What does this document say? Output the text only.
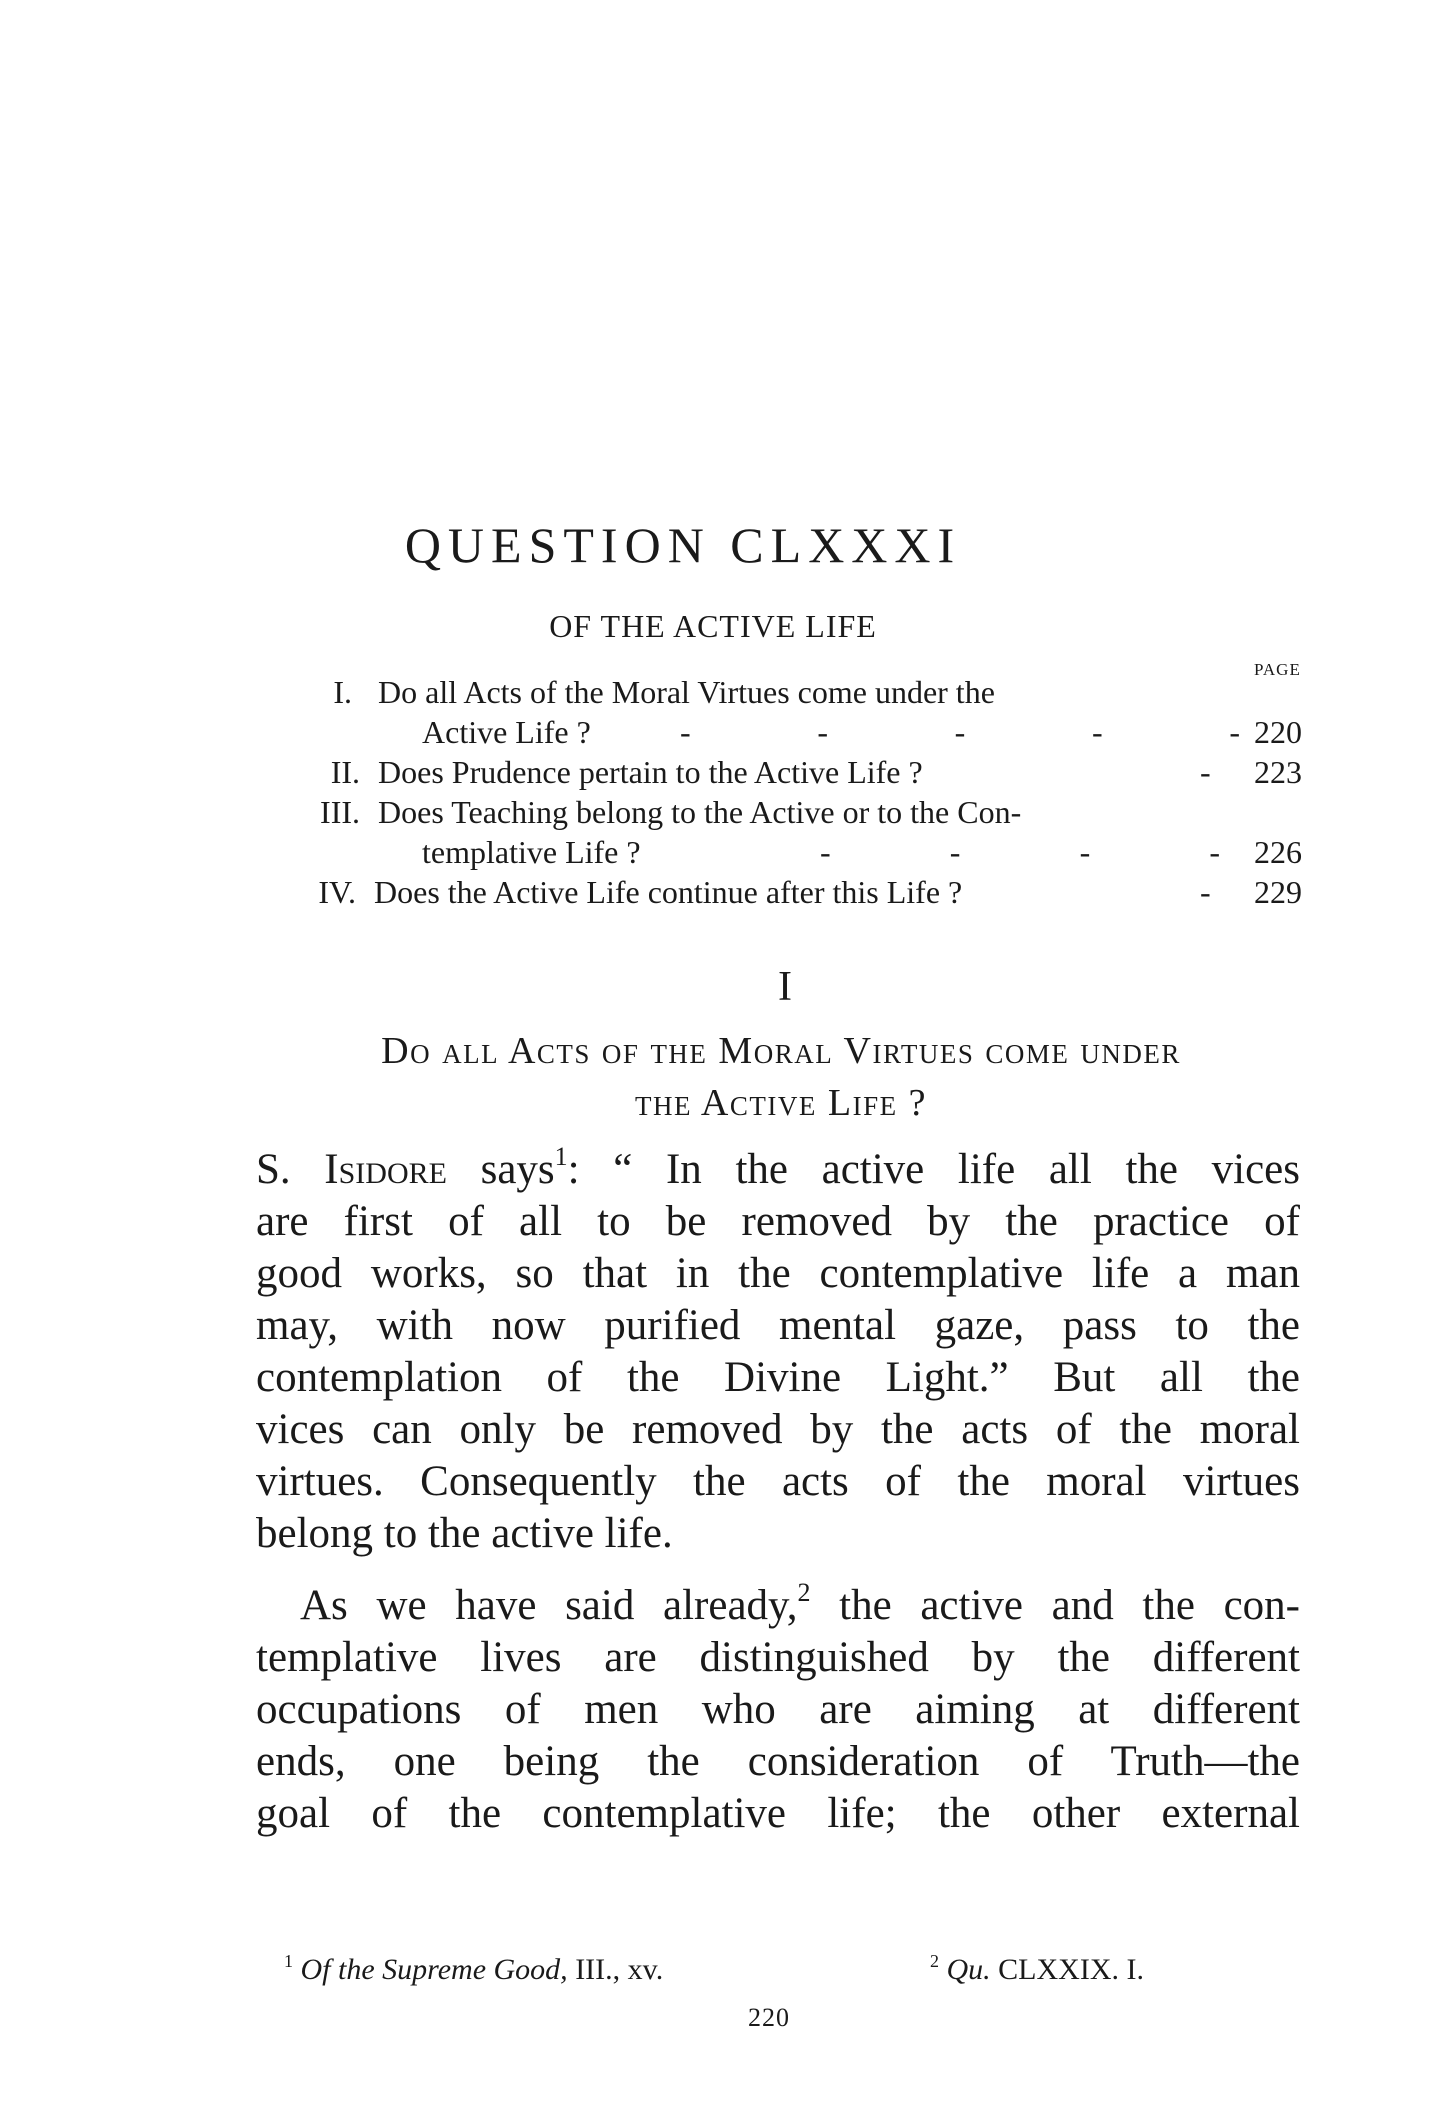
QUESTION CLXXXI
OF THE ACTIVE LIFE
PAGE
I. Do all Acts of the Moral Virtues come under the
Active Life ?	-	-	-	-	- 220
II. Does Prudence pertain to the Active Life ?	- 223
III. Does Teaching belong to the Active or to the Con-
templative Life ?	-	-	-	- 226
IV. Does the Active Life continue after this Life ?	- 229
I
Do all Acts of the Moral Virtues come under
the Active Life ?
S. Isidore says$^1$: “ In the active life all the vices
are first of all to be removed by the practice of
good works, so that in the contemplative life a man
may, with now purified mental gaze, pass to the
contemplation of the Divine Light.” But all the
vices can only be removed by the acts of the moral
virtues. Consequently the acts of the moral virtues
belong to the active life.
As we have said already,$^2$ the active and the con-
templative lives are distinguished by the different
occupations of men who are aiming at different
ends, one being the consideration of Truth—the
goal of the contemplative life; the other external
$^1$ Of the Supreme Good, III., xv.	$^2$ Qu. CLXXIX. I.
220
